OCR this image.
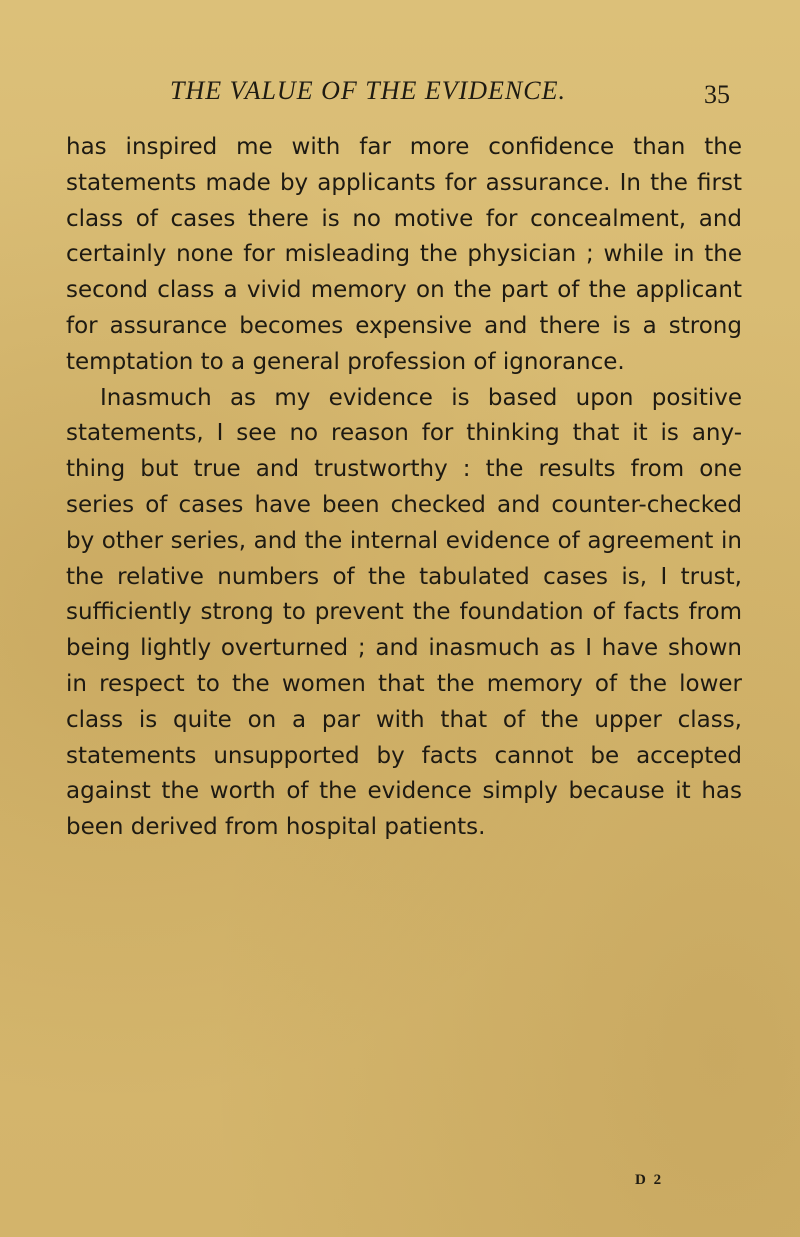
THE VALUE OF THE EVIDENCE.	35

has inspired me with far more confidence than the statements made by applicants for assurance. In the first class of cases there is no motive for concealment, and certainly none for misleading the physician ; while in the second class a vivid memory on the part of the applicant for assurance becomes expensive and there is a strong temptation to a general profession of ignorance.

Inasmuch as my evidence is based upon positive statements, I see no reason for thinking that it is any-thing but true and trustworthy : the results from one series of cases have been checked and counter-checked by other series, and the internal evidence of agreement in the relative numbers of the tabulated cases is, I trust, sufficiently strong to prevent the foundation of facts from being lightly overturned ; and inasmuch as I have shown in respect to the women that the memory of the lower class is quite on a par with that of the upper class, statements unsupported by facts cannot be accepted against the worth of the evidence simply because it has been derived from hospital patients.

D 2
